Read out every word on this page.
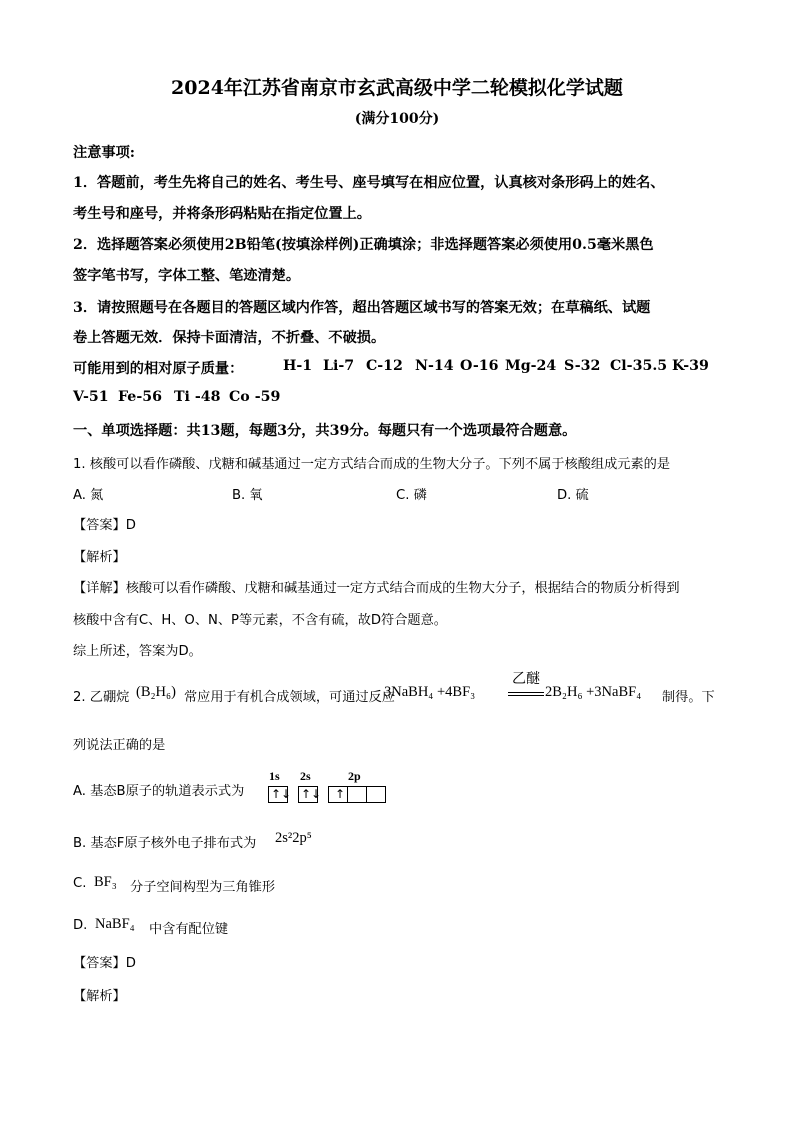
2024年江苏省南京市玄武高级中学二轮模拟化学试题
(满分100分)
注意事项:
1．答题前，考生先将自己的姓名、考生号、座号填写在相应位置，认真核对条形码上的姓名、
考生号和座号，并将条形码粘贴在指定位置上。
2．选择题答案必须使用2B铅笔(按填涂样例)正确填涂；非选择题答案必须使用0.5毫米黑色
签字笔书写，字体工整、笔迹清楚。
3．请按照题号在各题目的答题区域内作答，超出答题区域书写的答案无效；在草稿纸、试题
卷上答题无效．保持卡面清洁，不折叠、不破损。
可能用到的相对原子质量：	H-1 Li-7 C-12 N-14 O-16 Mg-24 S-32 Cl-35.5 K-39
V-51 Fe-56 Ti -48 Co -59
一、单项选择题：共13题，每题3分，共39分。每题只有一个选项最符合题意。
1. 核酸可以看作磷酸、戊糖和碱基通过一定方式结合而成的生物大分子。下列不属于核酸组成元素的是
A. 氮	B. 氧	C. 磷	D. 硫
【答案】D
【解析】
【详解】核酸可以看作磷酸、戊糖和碱基通过一定方式结合而成的生物大分子，根据结合的物质分析得到
核酸中含有C、H、O、N、P等元素，不含有硫，故D符合题意。
综上所述，答案为D。
2. 乙硼烷 (B₂H₆) 常应用于有机合成领域，可通过反应
3NaBH₄ +4BF₃
乙醚
2B₂H₆ +3NaBF₄ 制得。下
列说法正确的是
A. 基态B原子的轨道表示式为
1s 2s	2p
↑↓ ↑↓ ↑
B. 基态F原子核外电子排布式为 2s²2p⁵
C. BF₃ 分子空间构型为三角锥形
D. NaBF₄ 中含有配位键
【答案】D
【解析】
